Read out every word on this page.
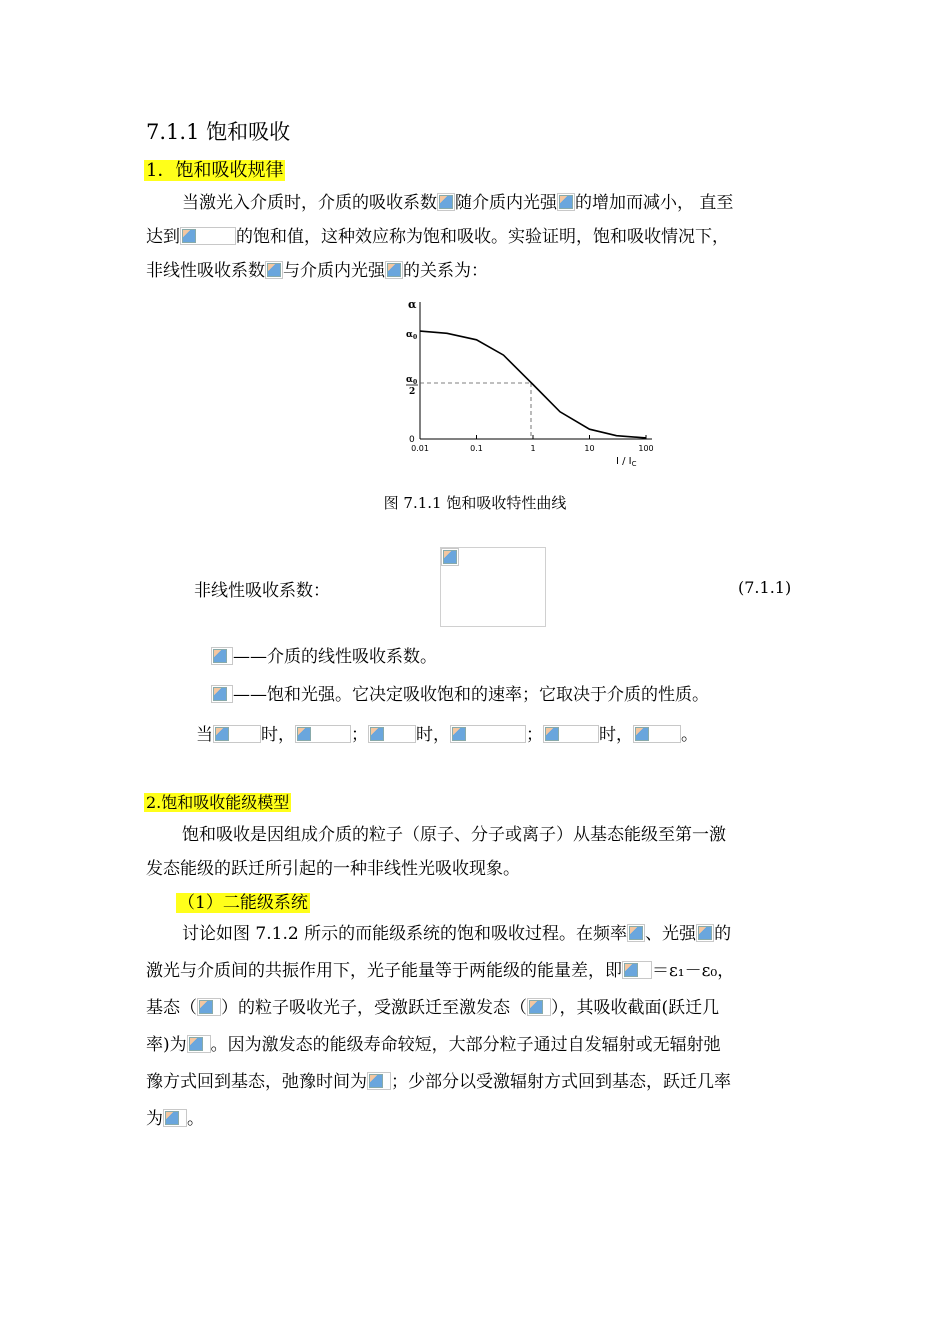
7.1.1 饱和吸收
1．饱和吸收规律
当激光入介质时，介质的吸收系数 随介质内光强 的增加而减小， 直至
达到	的饱和值，这种效应称为饱和吸收。实验证明，饱和吸收情况下，
非线性吸收系数 与介质内光强 的关系为：
α
$\alpha_0$
$\alpha_0$
2
0
0.01	0.1	1	10	100
I / $I_C$
图 7.1.1 饱和吸收特性曲线
非线性吸收系数：	(7.1.1)
——介质的线性吸收系数。
——饱和光强。它决定吸收饱和的速率；它取决于介质的性质。
当	时，	；	时，	；	时，	。
2.饱和吸收能级模型
饱和吸收是因组成介质的粒子（原子、分子或离子）从基态能级至第一激
发态能级的跃迁所引起的一种非线性光吸收现象。
（1）二能级系统
讨论如图 7.1.2 所示的而能级系统的饱和吸收过程。在频率 、光强 的
激光与介质间的共振作用下，光子能量等于两能级的能量差，即 ＝ε₁－ε₀，
基态（ ）的粒子吸收光子，受激跃迁至激发态（ ），其吸收截面(跃迁几
率)为 。因为激发态的能级寿命较短，大部分粒子通过自发辐射或无辐射弛
豫方式回到基态，弛豫时间为 ；少部分以受激辐射方式回到基态，跃迁几率
为 。
